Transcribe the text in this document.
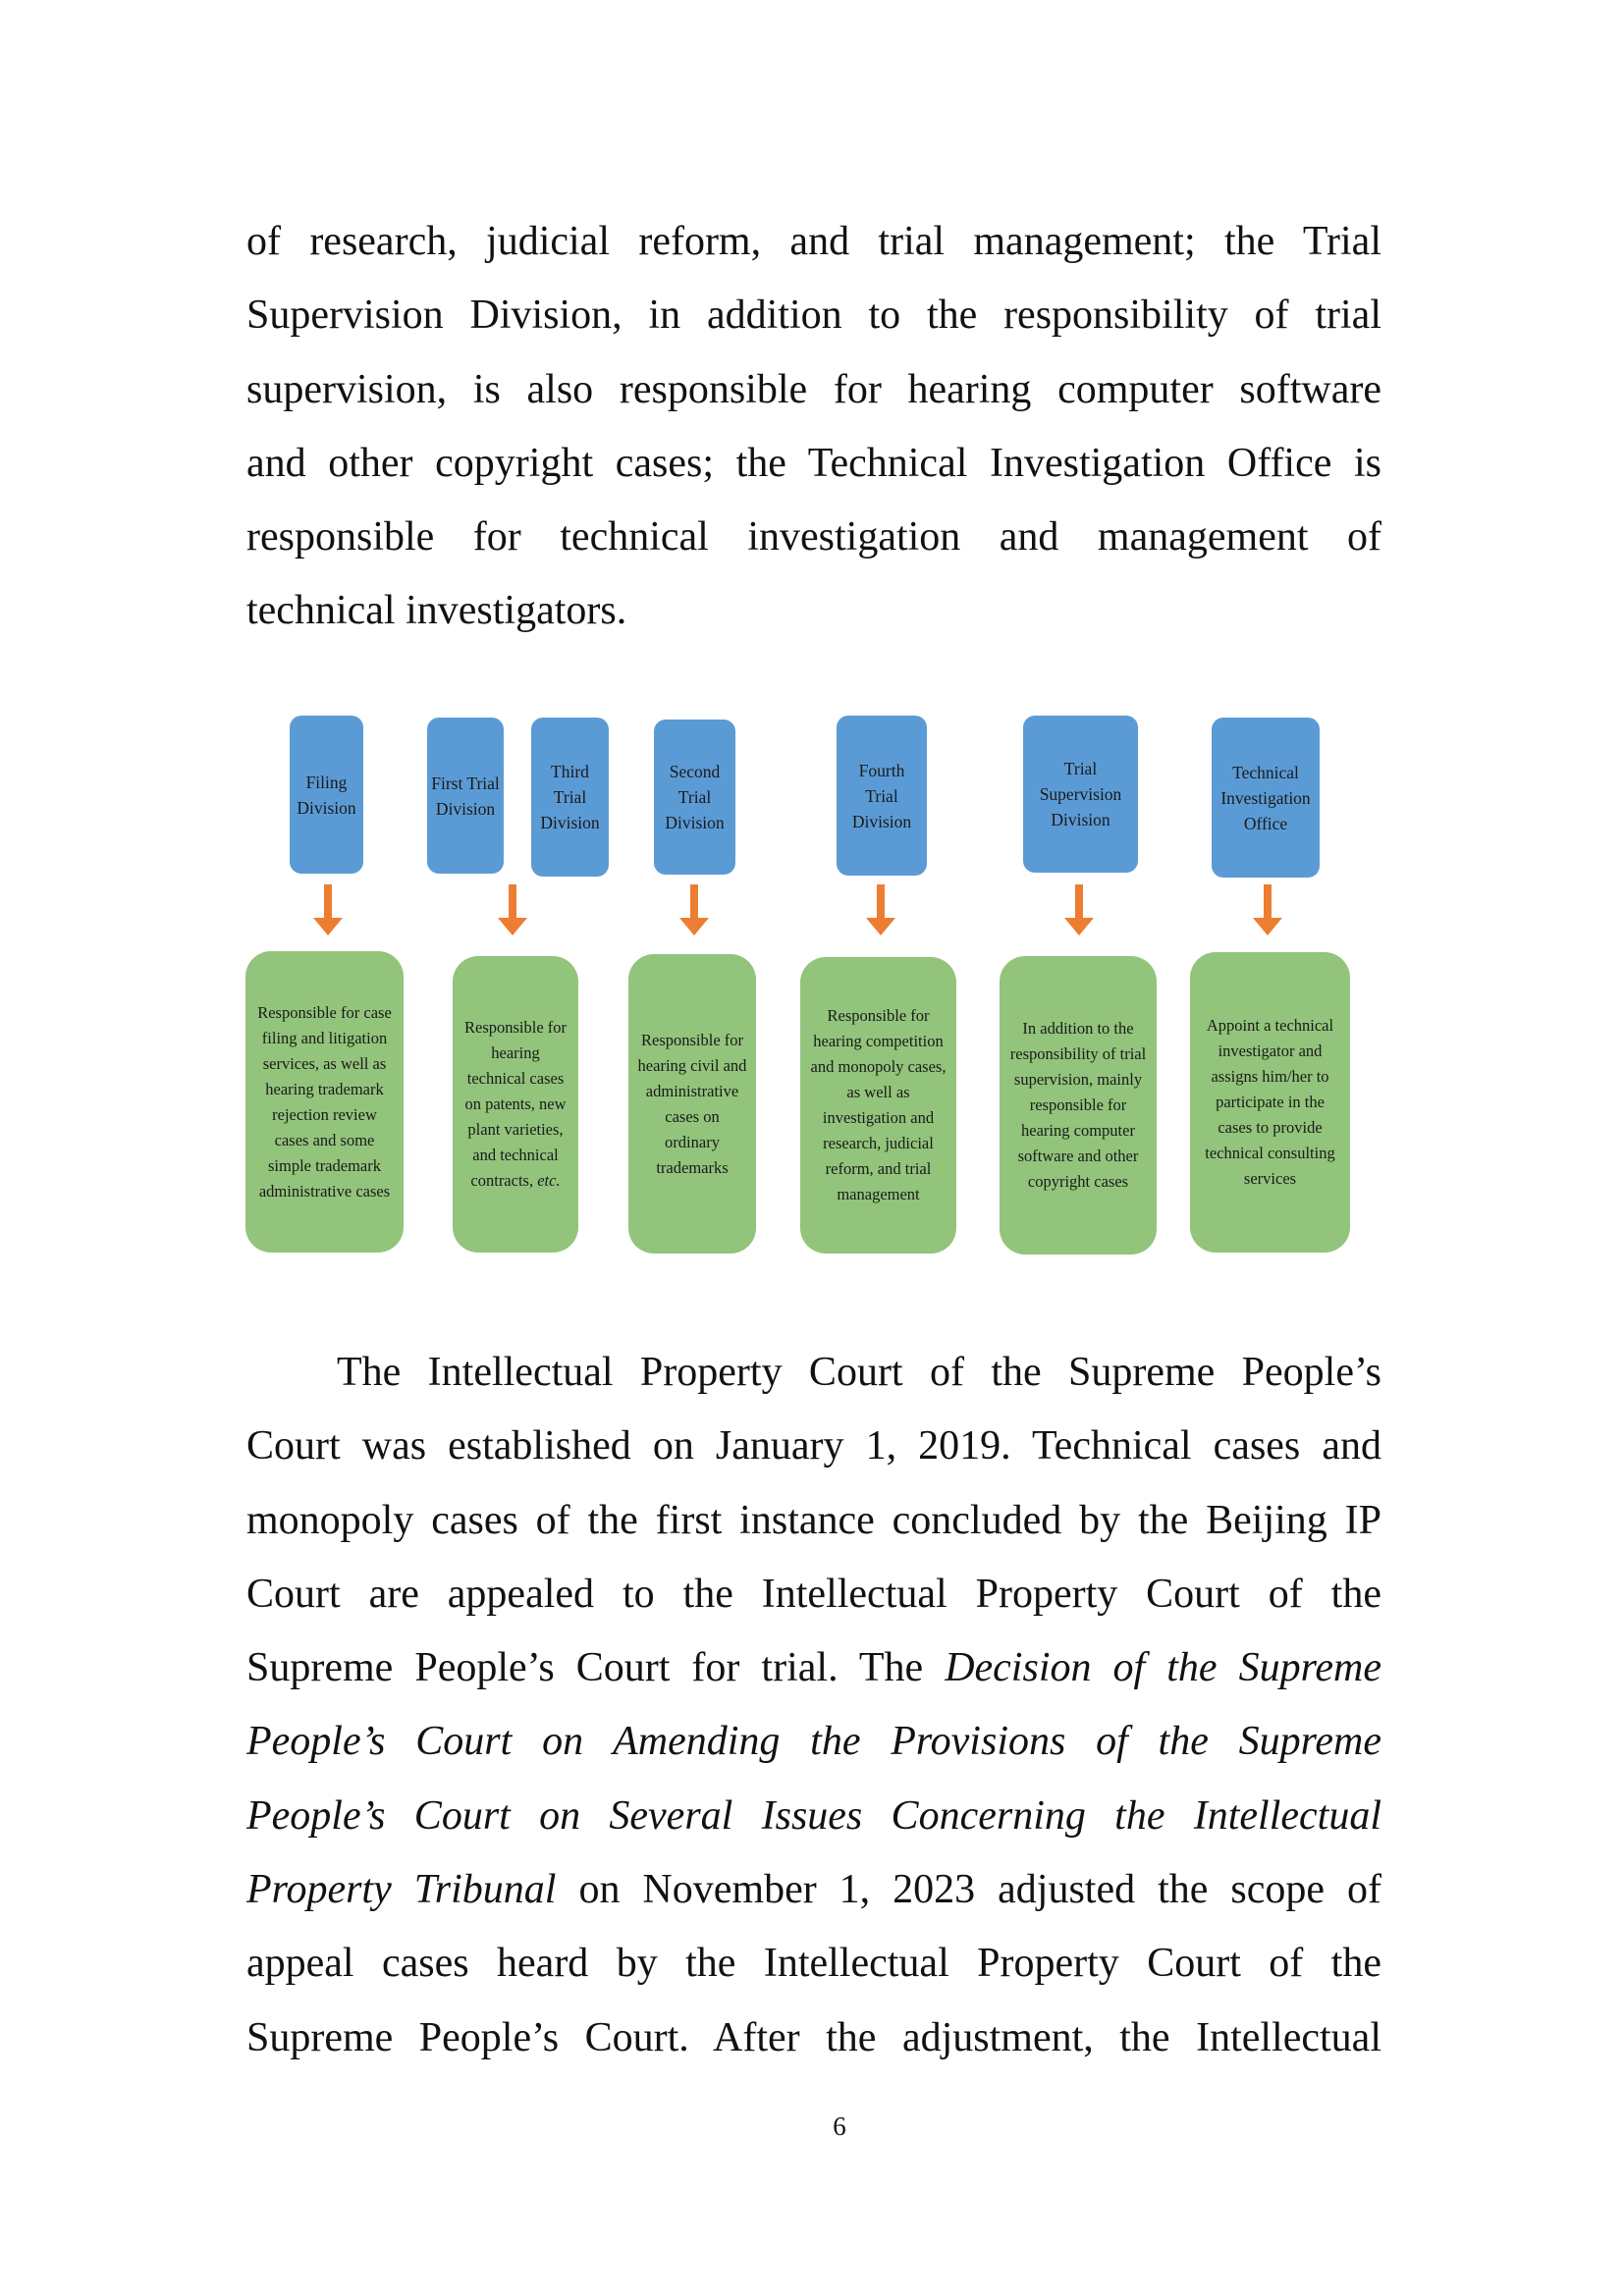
of research, judicial reform, and trial management; the Trial
Supervision Division, in addition to the responsibility of trial
supervision, is also responsible for hearing computer software
and other copyright cases; the Technical Investigation Office is
responsible for technical investigation and management of
technical investigators.
Filing Division
First Trial Division
Third Trial Division
Second Trial Division
Fourth Trial Division
Trial Supervision Division
Technical Investigation Office
Responsible for case filing and litigation services, as well as hearing trademark rejection review cases and some simple trademark administrative cases
Responsible for hearing technical cases on patents, new plant varieties, and technical contracts, etc.
Responsible for hearing civil and administrative cases on ordinary trademarks
Responsible for hearing competition and monopoly cases, as well as investigation and research, judicial reform, and trial management
In addition to the responsibility of trial supervision, mainly responsible for hearing computer software and other copyright cases
Appoint a technical investigator and assigns him/her to participate in the cases to provide technical consulting services
The Intellectual Property Court of the Supreme People’s
Court was established on January 1, 2019. Technical cases and
monopoly cases of the first instance concluded by the Beijing IP
Court are appealed to the Intellectual Property Court of the
Supreme People’s Court for trial. The Decision of the Supreme
People’s Court on Amending the Provisions of the Supreme
People’s Court on Several Issues Concerning the Intellectual
Property Tribunal on November 1, 2023 adjusted the scope of
appeal cases heard by the Intellectual Property Court of the
Supreme People’s Court. After the adjustment, the Intellectual
6
